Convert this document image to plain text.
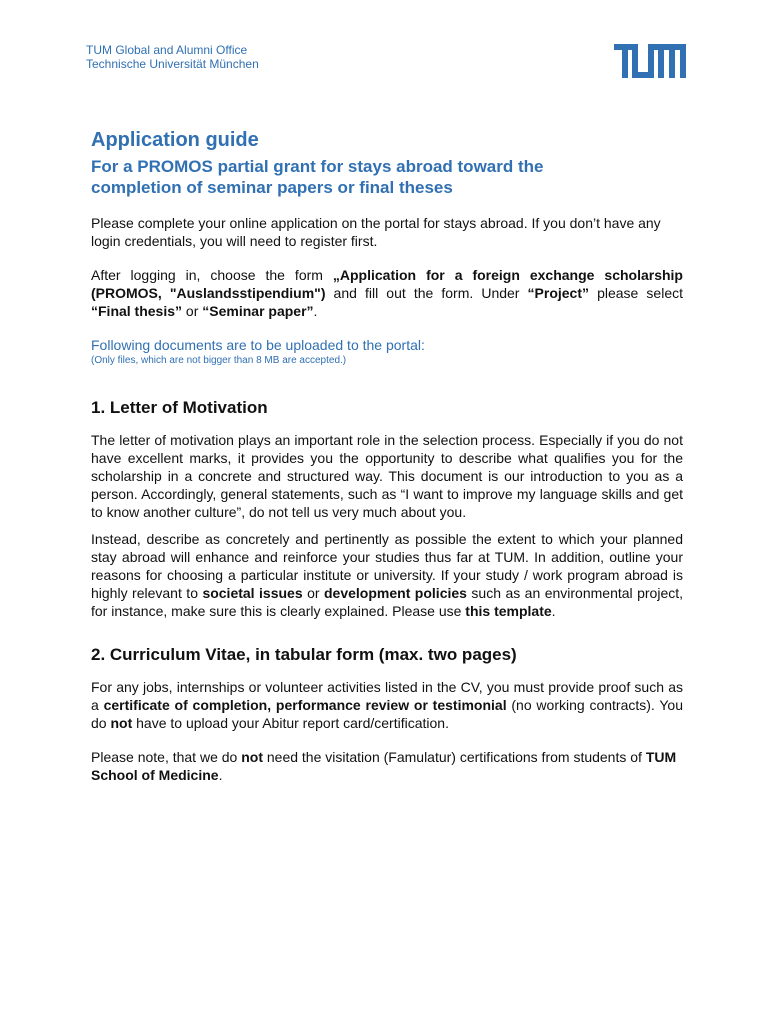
TUM Global and Alumni Office
Technische Universität München
Application guide
For a PROMOS partial grant for stays abroad toward the completion of seminar papers or final theses

Please complete your online application on the portal for stays abroad. If you don’t have any login credentials, you will need to register first.

After logging in, choose the form „Application for a foreign exchange scholarship (PROMOS, "Auslandsstipendium") and fill out the form. Under “Project” please select “Final thesis” or “Seminar paper”.

Following documents are to be uploaded to the portal:

(Only files, which are not bigger than 8 MB are accepted.)

1. Letter of Motivation

The letter of motivation plays an important role in the selection process. Especially if you do not have excellent marks, it provides you the opportunity to describe what qualifies you for the scholarship in a concrete and structured way. This document is our introduction to you as a person. Accordingly, general statements, such as “I want to improve my language skills and get to know another culture”, do not tell us very much about you.

Instead, describe as concretely and pertinently as possible the extent to which your planned stay abroad will enhance and reinforce your studies thus far at TUM. In addition, outline your reasons for choosing a particular institute or university. If your study / work program abroad is highly relevant to societal issues or development policies such as an environmental project, for instance, make sure this is clearly explained. Please use this template.

2. Curriculum Vitae, in tabular form (max. two pages)

For any jobs, internships or volunteer activities listed in the CV, you must provide proof such as a certificate of completion, performance review or testimonial (no working contracts). You do not have to upload your Abitur report card/certification.

Please note, that we do not need the visitation (Famulatur) certifications from students of TUM School of Medicine.
